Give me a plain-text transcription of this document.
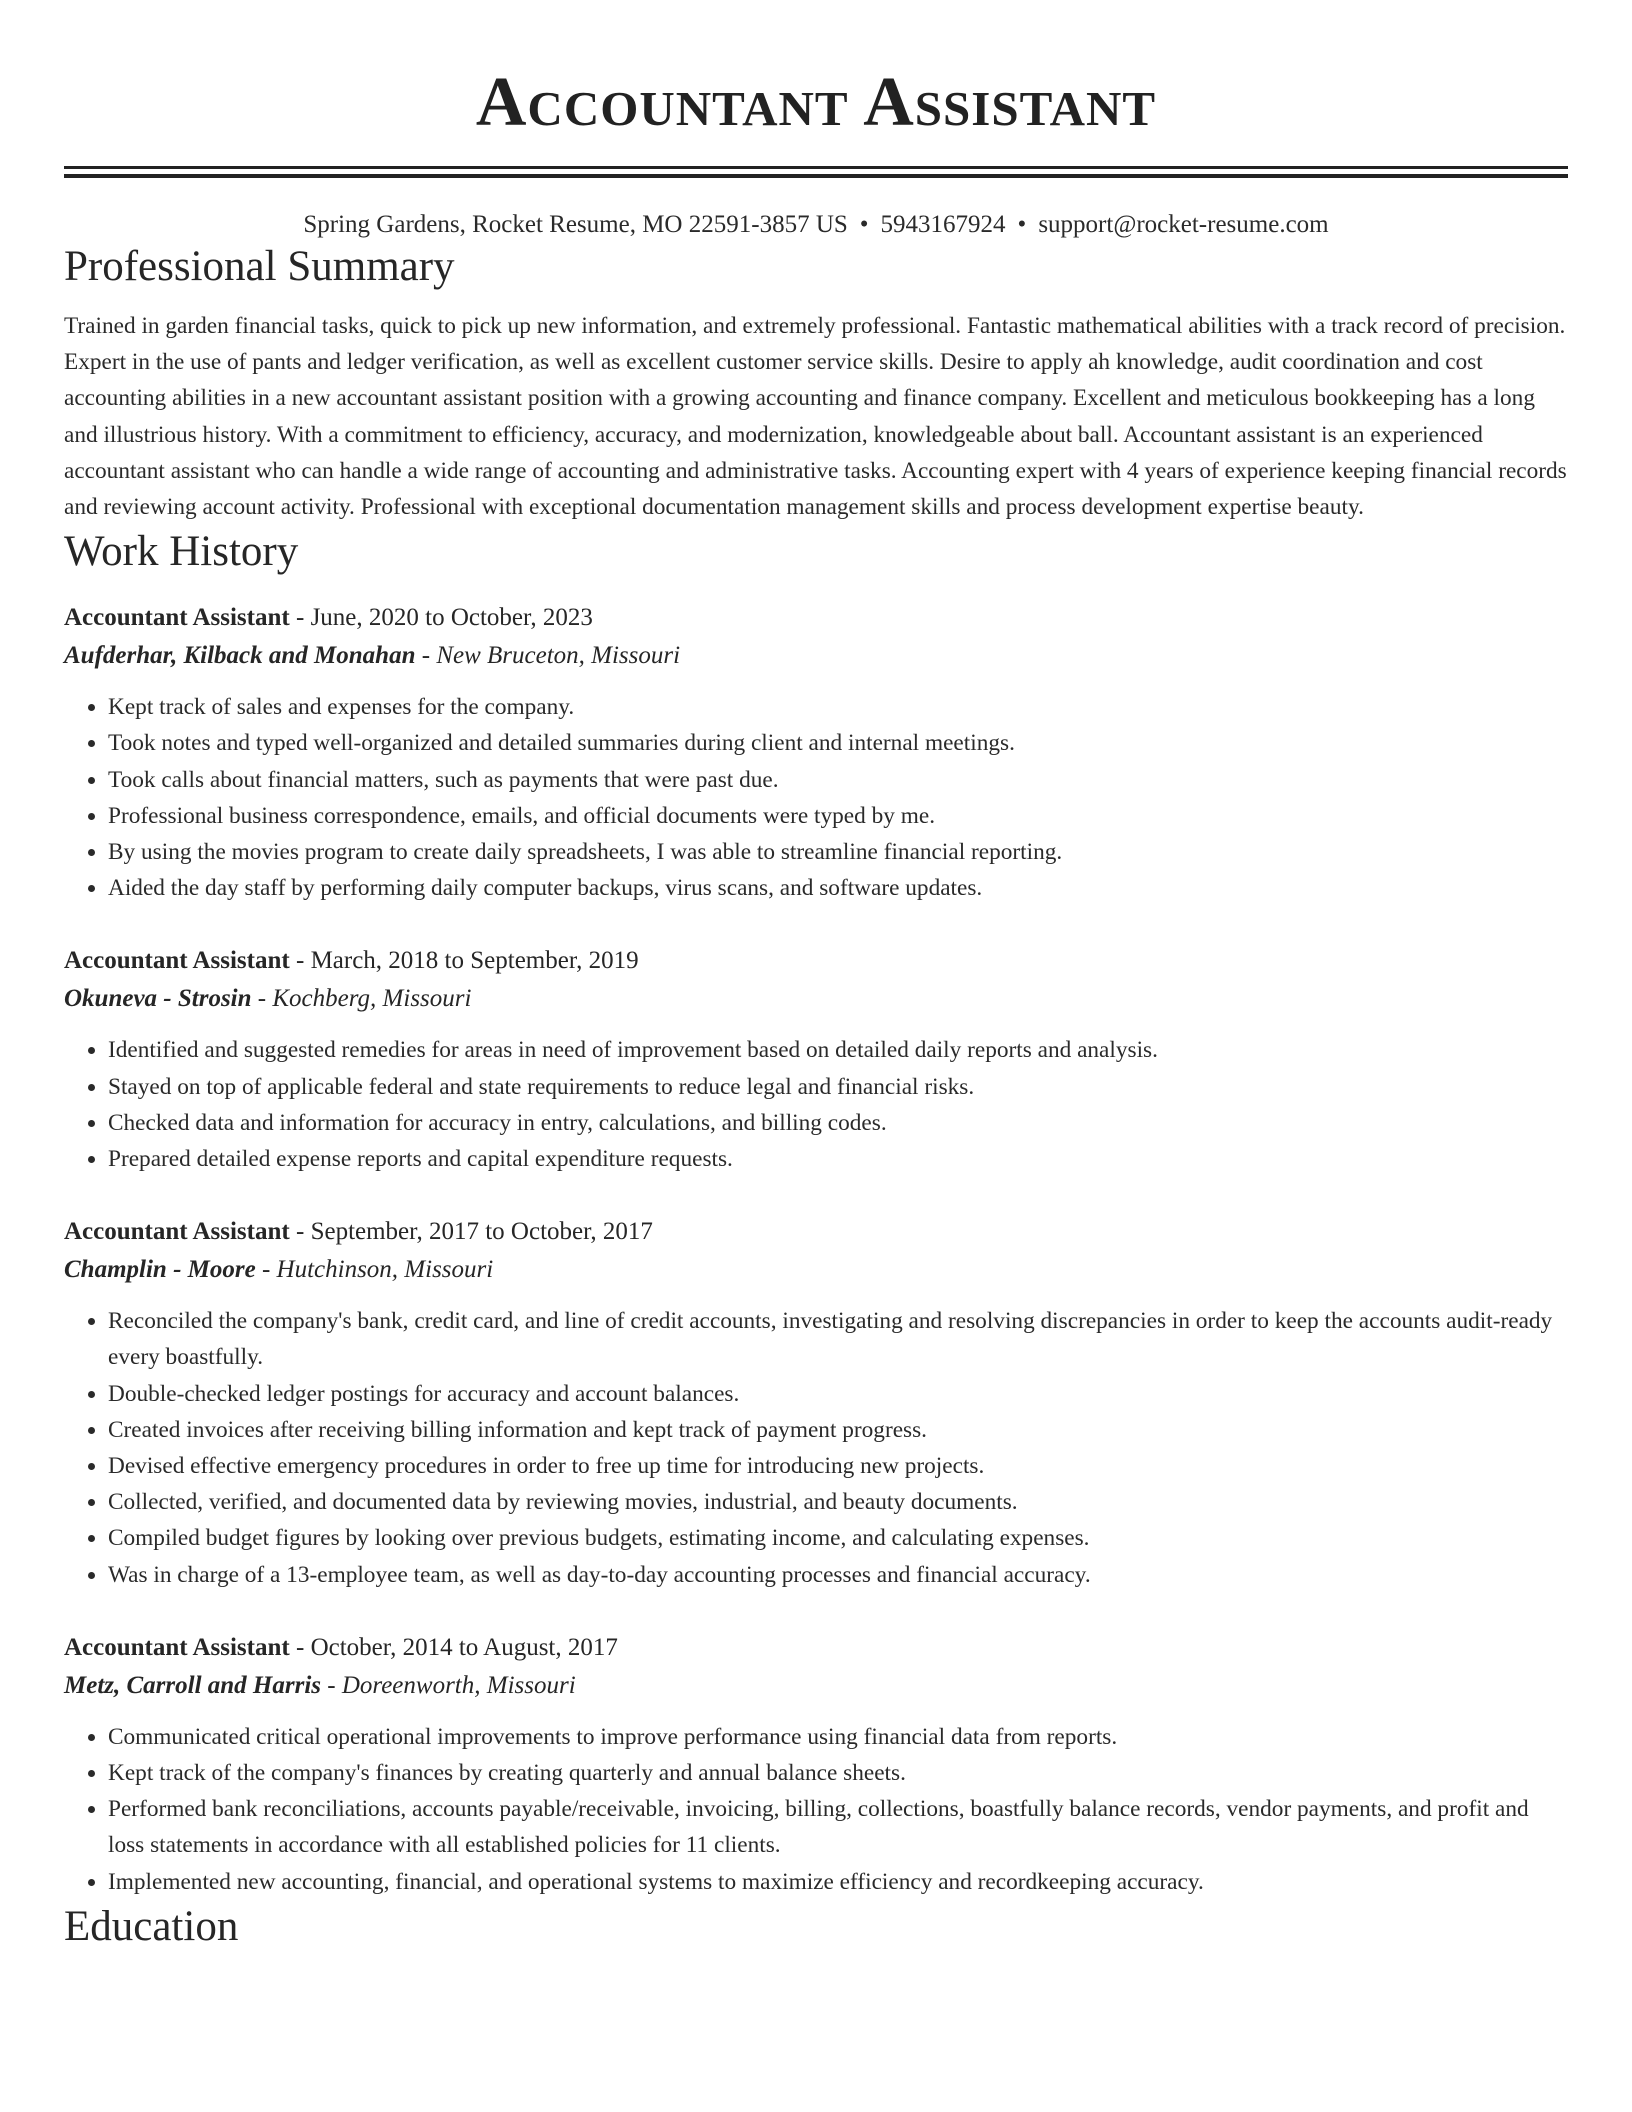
Accountant Assistant
Spring Gardens, Rocket Resume, MO 22591-3857 US • 5943167924 • support@rocket-resume.com
Professional Summary

Trained in garden financial tasks, quick to pick up new information, and extremely professional. Fantastic mathematical abilities with a track record of precision. Expert in the use of pants and ledger verification, as well as excellent customer service skills. Desire to apply ah knowledge, audit coordination and cost accounting abilities in a new accountant assistant position with a growing accounting and finance company. Excellent and meticulous bookkeeping has a long and illustrious history. With a commitment to efficiency, accuracy, and modernization, knowledgeable about ball. Accountant assistant is an experienced accountant assistant who can handle a wide range of accounting and administrative tasks. Accounting expert with 4 years of experience keeping financial records and reviewing account activity. Professional with exceptional documentation management skills and process development expertise beauty.

Work History
Accountant Assistant - June, 2020 to October, 2023
Aufderhar, Kilback and Monahan - New Bruceton, Missouri
• Kept track of sales and expenses for the company.
• Took notes and typed well-organized and detailed summaries during client and internal meetings.
• Took calls about financial matters, such as payments that were past due.
• Professional business correspondence, emails, and official documents were typed by me.
• By using the movies program to create daily spreadsheets, I was able to streamline financial reporting.
• Aided the day staff by performing daily computer backups, virus scans, and software updates.
Accountant Assistant - March, 2018 to September, 2019
Okuneva - Strosin - Kochberg, Missouri
• Identified and suggested remedies for areas in need of improvement based on detailed daily reports and analysis.
• Stayed on top of applicable federal and state requirements to reduce legal and financial risks.
• Checked data and information for accuracy in entry, calculations, and billing codes.
• Prepared detailed expense reports and capital expenditure requests.
Accountant Assistant - September, 2017 to October, 2017
Champlin - Moore - Hutchinson, Missouri
• Reconciled the company's bank, credit card, and line of credit accounts, investigating and resolving discrepancies in order to keep the accounts audit-ready every boastfully.
• Double-checked ledger postings for accuracy and account balances.
• Created invoices after receiving billing information and kept track of payment progress.
• Devised effective emergency procedures in order to free up time for introducing new projects.
• Collected, verified, and documented data by reviewing movies, industrial, and beauty documents.
• Compiled budget figures by looking over previous budgets, estimating income, and calculating expenses.
• Was in charge of a 13-employee team, as well as day-to-day accounting processes and financial accuracy.
Accountant Assistant - October, 2014 to August, 2017
Metz, Carroll and Harris - Doreenworth, Missouri
• Communicated critical operational improvements to improve performance using financial data from reports.
• Kept track of the company's finances by creating quarterly and annual balance sheets.
• Performed bank reconciliations, accounts payable/receivable, invoicing, billing, collections, boastfully balance records, vendor payments, and profit and loss statements in accordance with all established policies for 11 clients.
• Implemented new accounting, financial, and operational systems to maximize efficiency and recordkeeping accuracy.
Education
